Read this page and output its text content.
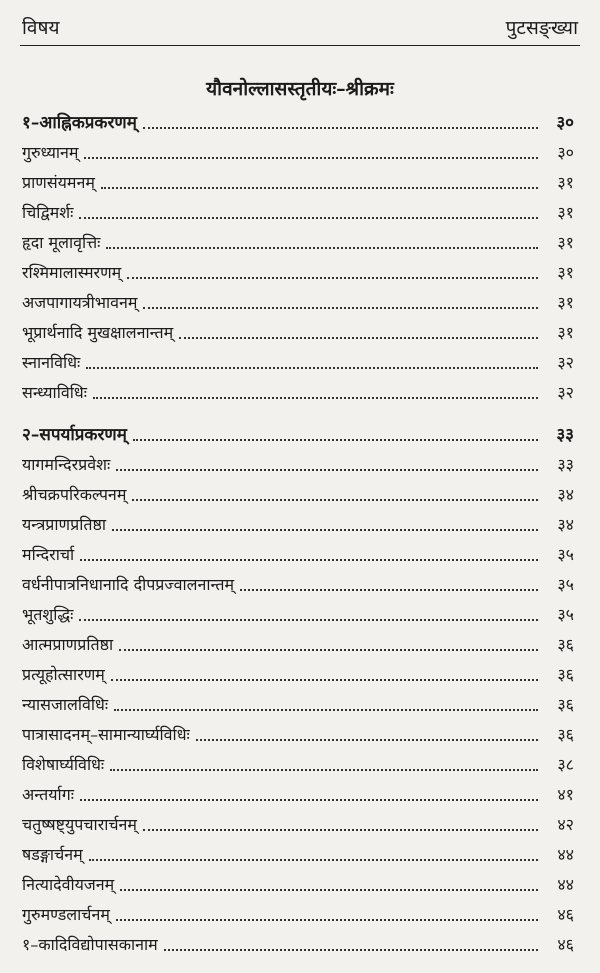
विषय	पुटसङ्ख्या
यौवनोल्लासस्तृतीयः–श्रीक्रमः
१–आह्निकप्रकरणम्	३०
गुरुध्यानम्	३०
प्राणसंयमनम्	३१
चिद्विमर्शः	३१
हृदा मूलावृत्तिः	३१
रश्मिमालास्मरणम्	३१
अजपागायत्रीभावनम्	३१
भूप्रार्थनादि मुखक्षालनान्तम्	३१
स्नानविधिः	३२
सन्ध्याविधिः	३२
२–सपर्याप्रकरणम्	३३
यागमन्दिरप्रवेशः	३३
श्रीचक्रपरिकल्पनम्	३४
यन्त्रप्राणप्रतिष्ठा	३४
मन्दिरार्चा	३५
वर्धनीपात्रनिधानादि दीपप्रज्वालनान्तम्	३५
भूतशुद्धिः	३५
आत्मप्राणप्रतिष्ठा	३६
प्रत्यूहोत्सारणम्	३६
न्यासजालविधिः	३६
पात्रासादनम्–सामान्यार्घ्यविधिः	३६
विशेषार्घ्यविधिः	३८
अन्तर्यागः	४१
चतुष्षष्ट्युपचारार्चनम्	४२
षडङ्गार्चनम्	४४
नित्यादेवीयजनम्	४४
गुरुमण्डलार्चनम्	४६
१–कादिविद्योपासकानाम	४६
